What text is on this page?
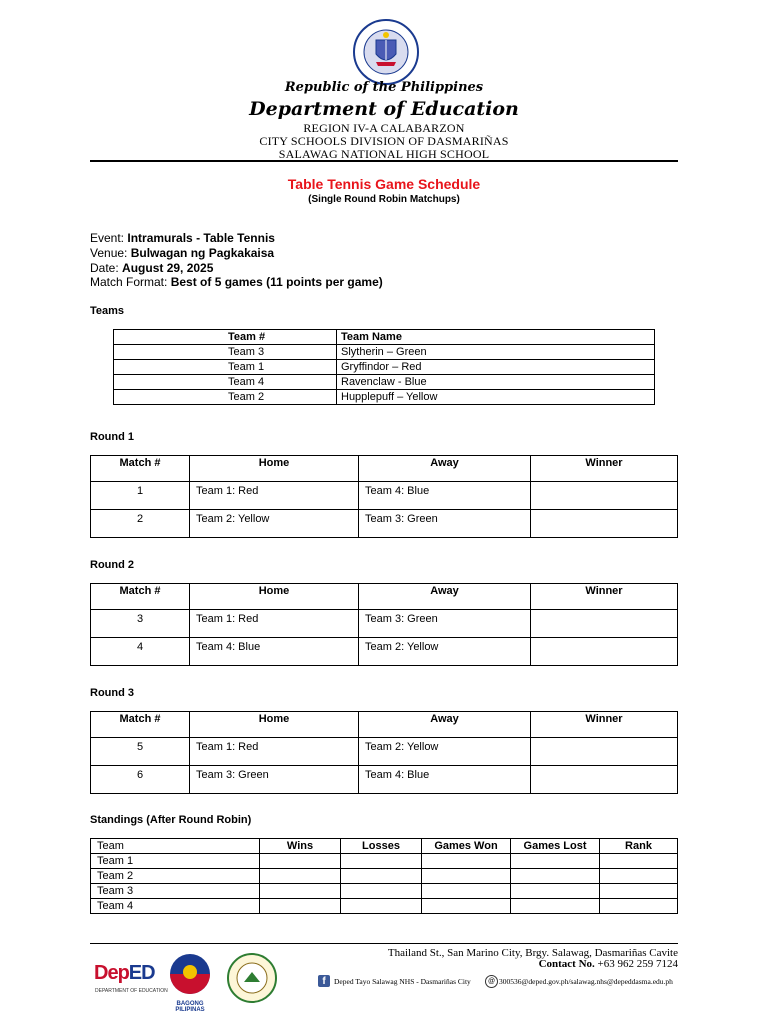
Republic of the Philippines
Department of Education
REGION IV-A CALABARZON
CITY SCHOOLS DIVISION OF DASMARIÑAS
SALAWAG NATIONAL HIGH SCHOOL
Table Tennis Game Schedule
(Single Round Robin Matchups)
Event: Intramurals - Table Tennis
Venue: Bulwagan ng Pagkakaisa
Date: August 29, 2025
Match Format: Best of 5 games (11 points per game)
Teams
Team #	Team Name
Team 3	Slytherin – Green
Team 1	Gryffindor – Red
Team 4	Ravenclaw - Blue
Team 2	Hupplepuff – Yellow
Round 1
Match #	Home	Away	Winner
1	Team 1: Red	Team 4: Blue	
2	Team 2: Yellow	Team 3: Green	
Round 2
Match #	Home	Away	Winner
3	Team 1: Red	Team 3: Green	
4	Team 4: Blue	Team 2: Yellow	
Round 3
Match #	Home	Away	Winner
5	Team 1: Red	Team 2: Yellow	
6	Team 3: Green	Team 4: Blue	
Standings (After Round Robin)
Team	Wins	Losses	Games Won	Games Lost	Rank
Team 1					
Team 2					
Team 3					
Team 4					
DepED
DEPARTMENT OF EDUCATION
BAGONG PILIPINAS
Thailand St., San Marino City, Brgy. Salawag, Dasmariñas Cavite
Contact No. +63 962 259 7124
f	Deped Tayo Salawag NHS - Dasmariñas City	@ 300536@deped.gov.ph/salawag.nhs@depeddasma.edu.ph
